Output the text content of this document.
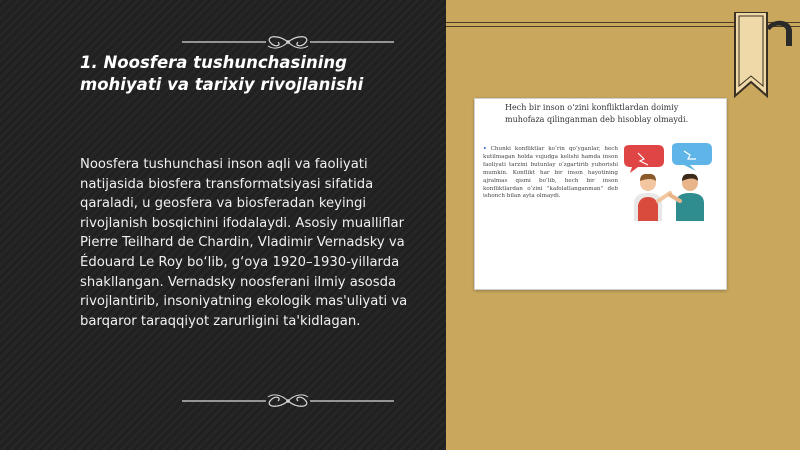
1. Noosfera tushunchasining mohiyati va tarixiy rivojlanishi

Noosfera tushunchasi inson aqli va faoliyati natijasida biosfera transformatsiyasi sifatida qaraladi, u geosfera va biosferadan keyingi rivojlanish bosqichini ifodalaydi. Asosiy mualliflar Pierre Teilhard de Chardin, Vladimir Vernadsky va Édouard Le Roy bo‘lib, g‘oya 1920–1930-yillarda shakllangan. Vernadsky noosferani ilmiy asosda rivojlantirib, insoniyatning ekologik mas'uliyati va barqaror taraqqiyot zarurligini ta'kidlagan.

Hech bir inson o‘zini konfliktlardan doimiy muhofaza qilinganman deb hisoblay olmaydi.

• Chunki konfliktlar ko‘rin qo‘yganlar, hech kutilmagan holda vujudga kelishi hamda inson faoliyati tarzini butunlay o‘zgartirib yuborishi mumkin. Konflikt har bir inson hayotining ajralmas qismi bo‘lib, hech bir inson konfliktlardan o‘zini "kafolatlanganman" deb ishonch bilan ayta olmaydi.
